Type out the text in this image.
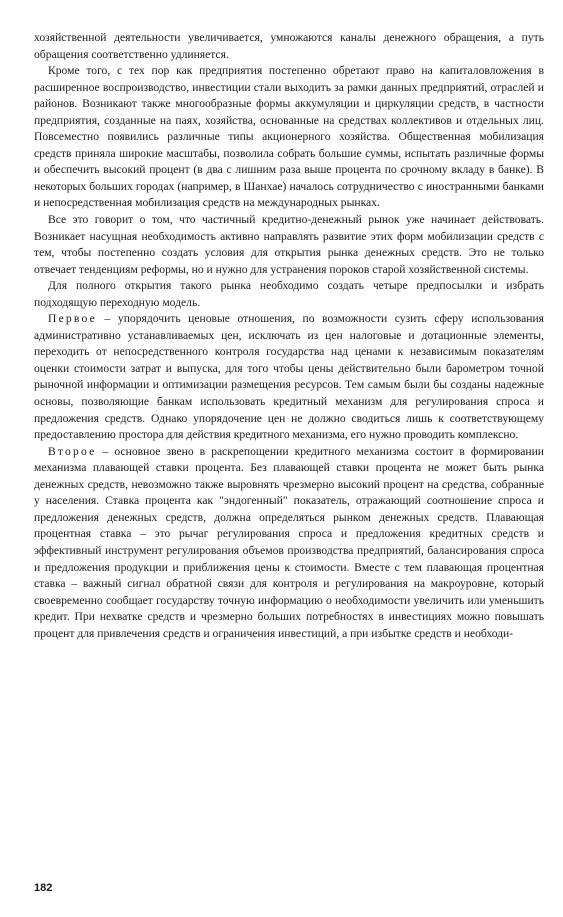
хозяйственной деятельности увеличивается, умножаются каналы денежного обращения, а путь обращения соответственно удлиняется.

Кроме того, с тех пор как предприятия постепенно обретают право на капиталовложения в расширенное воспроизводство, инвестиции стали выходить за рамки данных предприятий, отраслей и районов. Возникают также многообразные формы аккумуляции и циркуляции средств, в частности предприятия, созданные на паях, хозяйства, основанные на средствах коллективов и отдельных лиц. Повсеместно появились различные типы акционерного хозяйства. Общественная мобилизация средств приняла широкие масштабы, позволила собрать большие суммы, испытать различные формы и обеспечить высокий процент (в два с лишним раза выше процента по срочному вкладу в банке). В некоторых больших городах (например, в Шанхае) началось сотрудничество с иностранными банками и непосредственная мобилизация средств на международных рынках.

Все это говорит о том, что частичный кредитно-денежный рынок уже начинает действовать. Возникает насущная необходимость активно направлять развитие этих форм мобилизации средств с тем, чтобы постепенно создать условия для открытия рынка денежных средств. Это не только отвечает тенденциям реформы, но и нужно для устранения пороков старой хозяйственной системы.

Для полного открытия такого рынка необходимо создать четыре предпосылки и избрать подходящую переходную модель.

Первое – упорядочить ценовые отношения, по возможности сузить сферу использования административно устанавливаемых цен, исключать из цен налоговые и дотационные элементы, переходить от непосредственного контроля государства над ценами к независимым показателям оценки стоимости затрат и выпуска, для того чтобы цены действительно были барометром точной рыночной информации и оптимизации размещения ресурсов. Тем самым были бы созданы надежные основы, позволяющие банкам использовать кредитный механизм для регулирования спроса и предложения средств. Однако упорядочение цен не должно сводиться лишь к соответствующему предоставлению простора для действия кредитного механизма, его нужно проводить комплексно.

Второе – основное звено в раскрепощении кредитного механизма состоит в формировании механизма плавающей ставки процента. Без плавающей ставки процента не может быть рынка денежных средств, невозможно также выровнять чрезмерно высокий процент на средства, собранные у населения. Ставка процента как "эндогенный" показатель, отражающий соотношение спроса и предложения денежных средств, должна определяться рынком денежных средств. Плавающая процентная ставка – это рычаг регулирования спроса и предложения кредитных средств и эффективный инструмент регулирования объемов производства предприятий, балансирования спроса и предложения продукции и приближения цены к стоимости. Вместе с тем плавающая процентная ставка – важный сигнал обратной связи для контроля и регулирования на макроуровне, который своевременно сообщает государству точную информацию о необходимости увеличить или уменьшить кредит. При нехватке средств и чрезмерно больших потребностях в инвестициях можно повышать процент для привлечения средств и ограничения инвестиций, а при избытке средств и необходи-

182
